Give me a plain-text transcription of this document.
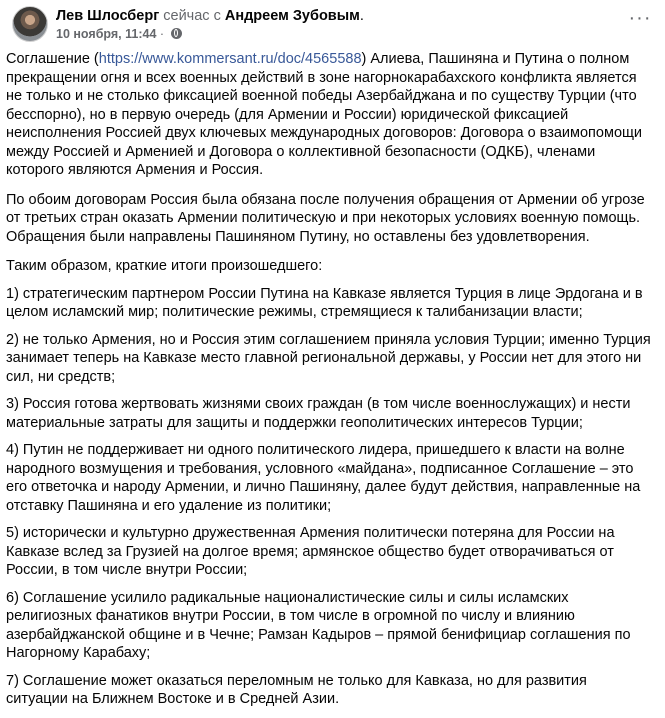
Лев Шлосберг сейчас с Андреем Зубовым.
10 ноября, 11:44 ·
···

Соглашение (https://www.kommersant.ru/doc/4565588) Алиева, Пашиняна и Путина о полном прекращении огня и всех военных действий в зоне нагорнокарабахского конфликта является не только и не столько фиксацией военной победы Азербайджана и по существу Турции (что бесспорно), но в первую очередь (для Армении и России) юридической фиксацией неисполнения Россией двух ключевых международных договоров: Договора о взаимопомощи между Россией и Арменией и Договора о коллективной безопасности (ОДКБ), членами которого являются Армения и Россия.

По обоим договорам Россия была обязана после получения обращения от Армении об угрозе от третьих стран оказать Армении политическую и при некоторых условиях военную помощь. Обращения были направлены Пашиняном Путину, но оставлены без удовлетворения.

Таким образом, краткие итоги произошедшего:

1) стратегическим партнером России Путина на Кавказе является Турция в лице Эрдогана и в целом исламский мир; политические режимы, стремящиеся к талибанизации власти;

2) не только Армения, но и Россия этим соглашением приняла условия Турции; именно Турция занимает теперь на Кавказе место главной региональной державы, у России нет для этого ни сил, ни средств;

3) Россия готова жертвовать жизнями своих граждан (в том числе военнослужащих) и нести материальные затраты для защиты и поддержки геополитических интересов Турции;

4) Путин не поддерживает ни одного политического лидера, пришедшего к власти на волне народного возмущения и требования, условного «майдана», подписанное Соглашение – это его ответочка и народу Армении, и лично Пашиняну, далее будут действия, направленные на отставку Пашиняна и его удаление из политики;

5) исторически и культурно дружественная Армения политически потеряна для России на Кавказе вслед за Грузией на долгое время; армянское общество будет отворачиваться от России, в том числе внутри России;

6) Соглашение усилило радикальные националистические силы и силы исламских религиозных фанатиков внутри России, в том числе в огромной по числу и влиянию азербайджанской общине и в Чечне; Рамзан Кадыров – прямой бенифициар соглашения по Нагорному Карабаху;

7) Соглашение может оказаться переломным не только для Кавказа, но для развития ситуации на Ближнем Востоке и в Средней Азии.
